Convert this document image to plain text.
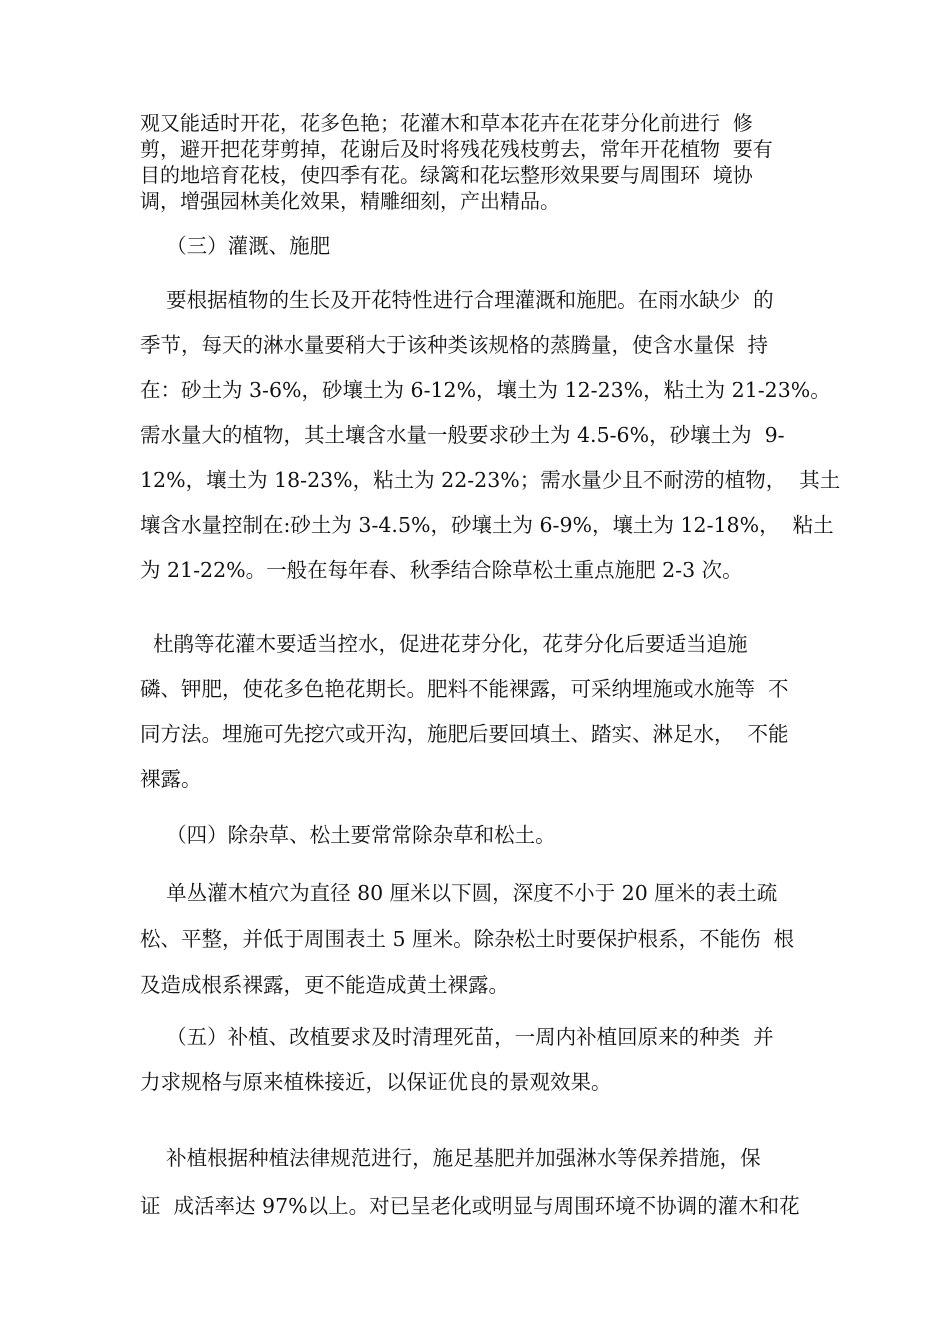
观又能适时开花，花多色艳；花灌木和草本花卉在花芽分化前进行  修
剪，避开把花芽剪掉，花谢后及时将残花残枝剪去，常年开花植物  要有
目的地培育花枝，使四季有花。绿篱和花坛整形效果要与周围环  境协
调，增强园林美化效果，精雕细刻，产出精品。
（三）灌溉、施肥
要根据植物的生长及开花特性进行合理灌溉和施肥。在雨水缺少  的
季节，每天的淋水量要稍大于该种类该规格的蒸腾量，使含水量保  持
在：砂土为 3-6%，砂壤土为 6-12%，壤土为 12-23%，粘土为 21-23%。
需水量大的植物，其土壤含水量一般要求砂土为 4.5-6%，砂壤土为  9-
12%，壤土为 18-23%，粘土为 22-23%；需水量少且不耐涝的植物，  其土
壤含水量控制在:砂土为 3-4.5%，砂壤土为 6-9%，壤土为 12-18%，  粘土
为 21-22%。一般在每年春、秋季结合除草松土重点施肥 2-3 次。
杜鹃等花灌木要适当控水，促进花芽分化，花芽分化后要适当追施
磷、钾肥，使花多色艳花期长。肥料不能裸露，可采纳埋施或水施等  不
同方法。埋施可先挖穴或开沟，施肥后要回填土、踏实、淋足水，  不能
裸露。
（四）除杂草、松土要常常除杂草和松土。
单丛灌木植穴为直径 80 厘米以下圆，深度不小于 20 厘米的表土疏
松、平整，并低于周围表土 5 厘米。除杂松土时要保护根系，不能伤  根
及造成根系裸露，更不能造成黄土裸露。
（五）补植、改植要求及时清理死苗，一周内补植回原来的种类  并
力求规格与原来植株接近，以保证优良的景观效果。
补植根据种植法律规范进行，施足基肥并加强淋水等保养措施，保
证  成活率达 97%以上。对已呈老化或明显与周围环境不协调的灌木和花
